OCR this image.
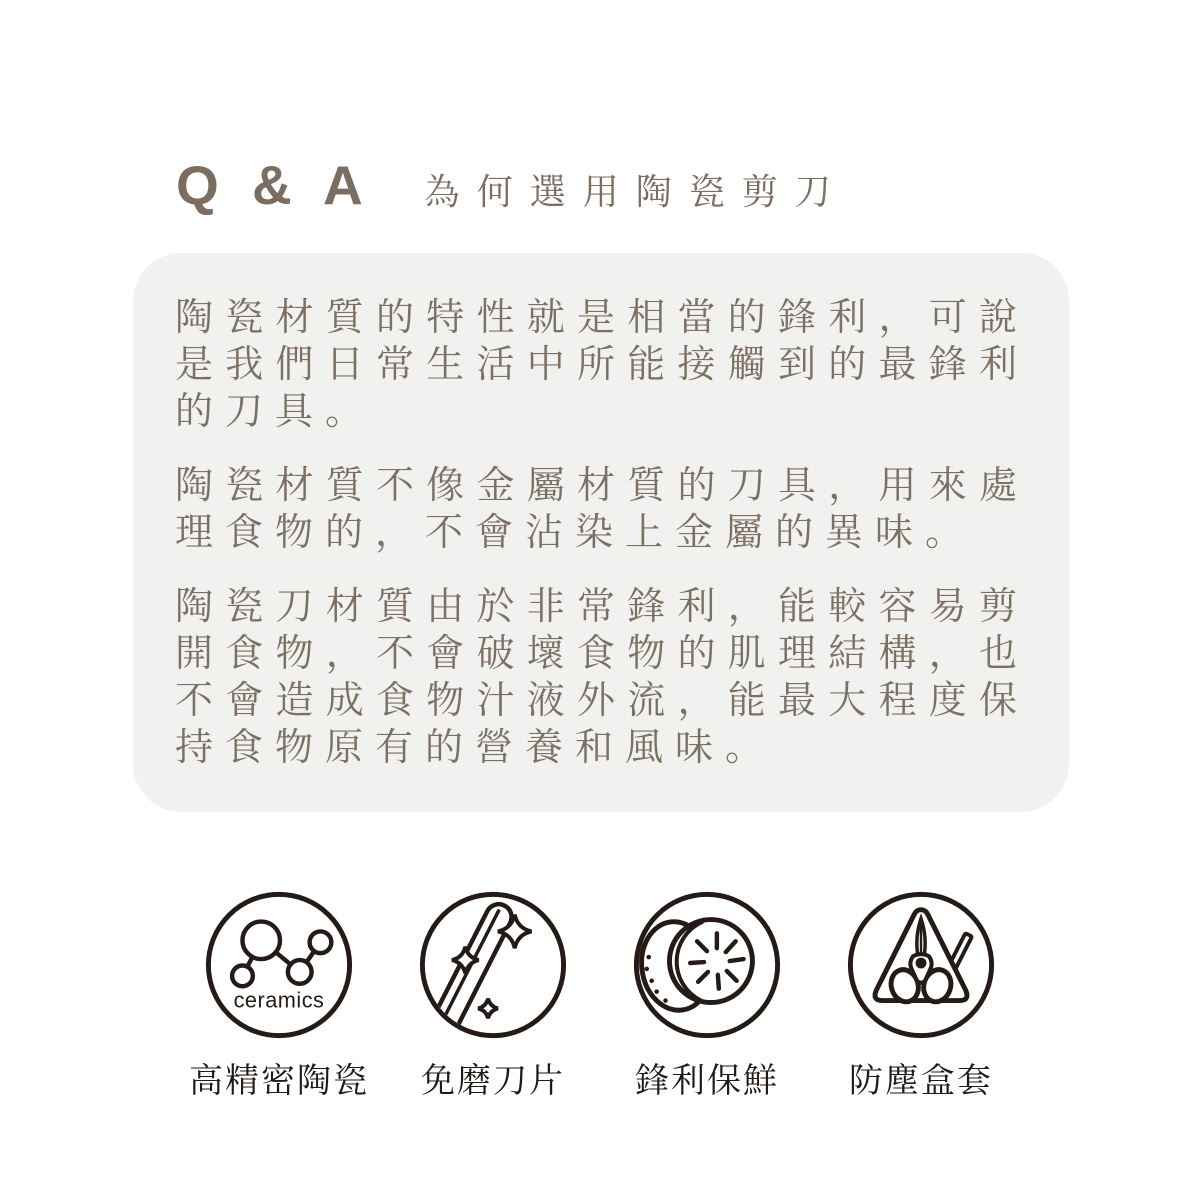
Q & A 為何選用陶瓷剪刀

陶瓷材質的特性就是相當的鋒利，可說是我們日常生活中所能接觸到的最鋒利的刀具。

陶瓷材質不像金屬材質的刀具，用來處理食物的，不會沾染上金屬的異味。

陶瓷刀材質由於非常鋒利，能較容易剪開食物，不會破壞食物的肌理結構，也不會造成食物汁液外流，能最大程度保持食物原有的營養和風味。

ceramics
高精密陶瓷 免磨刀片 鋒利保鮮 防塵盒套
